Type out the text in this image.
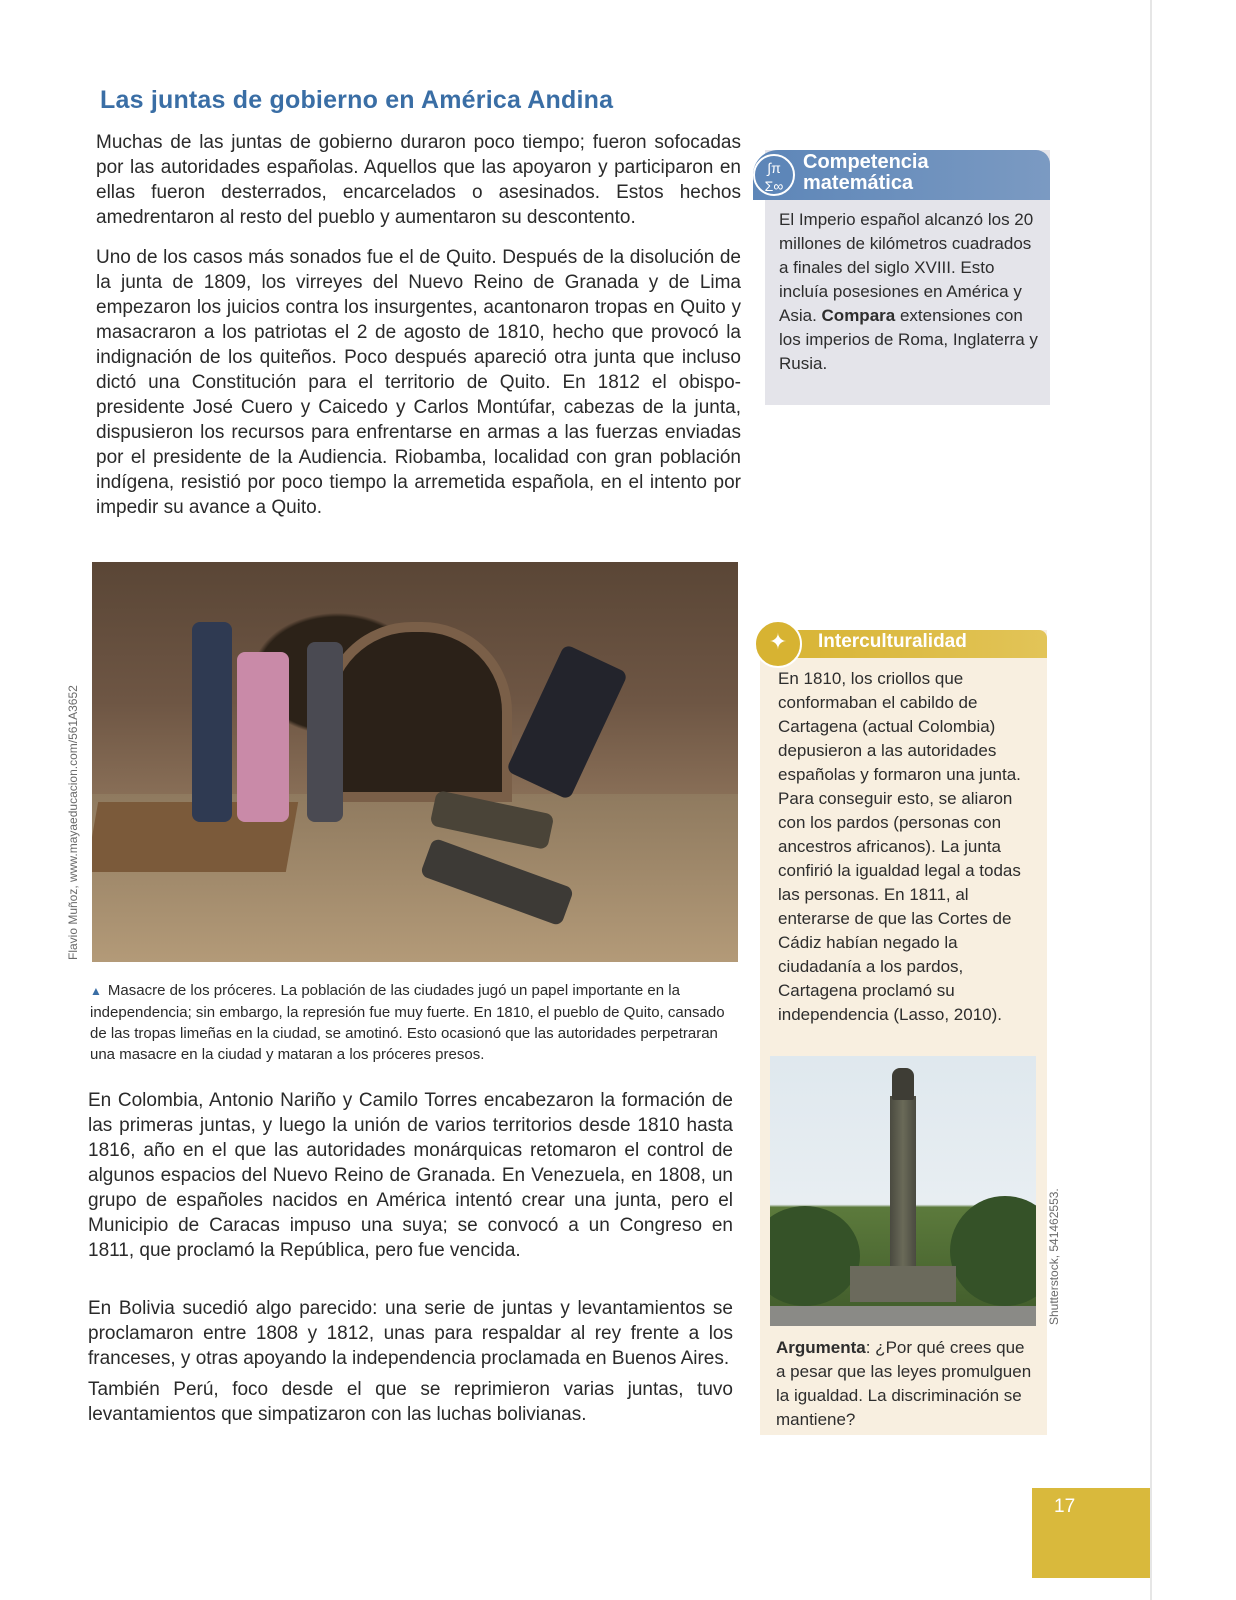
Las juntas de gobierno en América Andina

Muchas de las juntas de gobierno duraron poco tiempo; fueron sofocadas por las autoridades españolas. Aquellos que las apoyaron y participaron en ellas fueron desterrados, encarcelados o asesinados. Estos hechos amedrentaron al resto del pueblo y aumentaron su descontento.

Uno de los casos más sonados fue el de Quito. Después de la disolución de la junta de 1809, los virreyes del Nuevo Reino de Granada y de Lima empezaron los juicios contra los insurgentes, acantonaron tropas en Quito y masacraron a los patriotas el 2 de agosto de 1810, hecho que provocó la indignación de los quiteños. Poco después apareció otra junta que incluso dictó una Constitución para el territorio de Quito. En 1812 el obispo-presidente José Cuero y Caicedo y Carlos Montúfar, cabezas de la junta, dispusieron los recursos para enfrentarse en armas a las fuerzas enviadas por el presidente de la Audiencia. Riobamba, localidad con gran población indígena, resistió por poco tiempo la arremetida española, en el intento por impedir su avance a Quito.

Flavio Muñoz, www.mayaeducacion.com/561A3652

▲ Masacre de los próceres. La población de las ciudades jugó un papel importante en la independencia; sin embargo, la represión fue muy fuerte. En 1810, el pueblo de Quito, cansado de las tropas limeñas en la ciudad, se amotinó. Esto ocasionó que las autoridades perpetraran una masacre en la ciudad y mataran a los próceres presos.

En Colombia, Antonio Nariño y Camilo Torres encabezaron la formación de las primeras juntas, y luego la unión de varios territorios desde 1810 hasta 1816, año en el que las autoridades monárquicas retomaron el control de algunos espacios del Nuevo Reino de Granada. En Venezuela, en 1808, un grupo de españoles nacidos en América intentó crear una junta, pero el Municipio de Caracas impuso una suya; se convocó a un Congreso en 1811, que proclamó la República, pero fue vencida.

En Bolivia sucedió algo parecido: una serie de juntas y levantamientos se proclamaron entre 1808 y 1812, unas para respaldar al rey frente a los franceses, y otras apoyando la independencia proclamada en Buenos Aires.

También Perú, foco desde el que se reprimieron varias juntas, tuvo levantamientos que simpatizaron con las luchas bolivianas.

∫π
Σ∞

Competencia matemática

El Imperio español alcanzó los 20 millones de kilómetros cuadrados a finales del siglo XVIII. Esto incluía posesiones en América y Asia. Compara extensiones con los imperios de Roma, Inglaterra y Rusia.

✦	Interculturalidad

En 1810, los criollos que conformaban el cabildo de Cartagena (actual Colombia) depusieron a las autoridades españolas y formaron una junta. Para conseguir esto, se aliaron con los pardos (personas con ancestros africanos). La junta confirió la igualdad legal a todas las personas. En 1811, al enterarse de que las Cortes de Cádiz habían negado la ciudadanía a los pardos, Cartagena proclamó su independencia (Lasso, 2010).

Shutterstock, 541462553.

Argumenta: ¿Por qué crees que a pesar que las leyes promulguen la igualdad. La discriminación se mantiene?

17
